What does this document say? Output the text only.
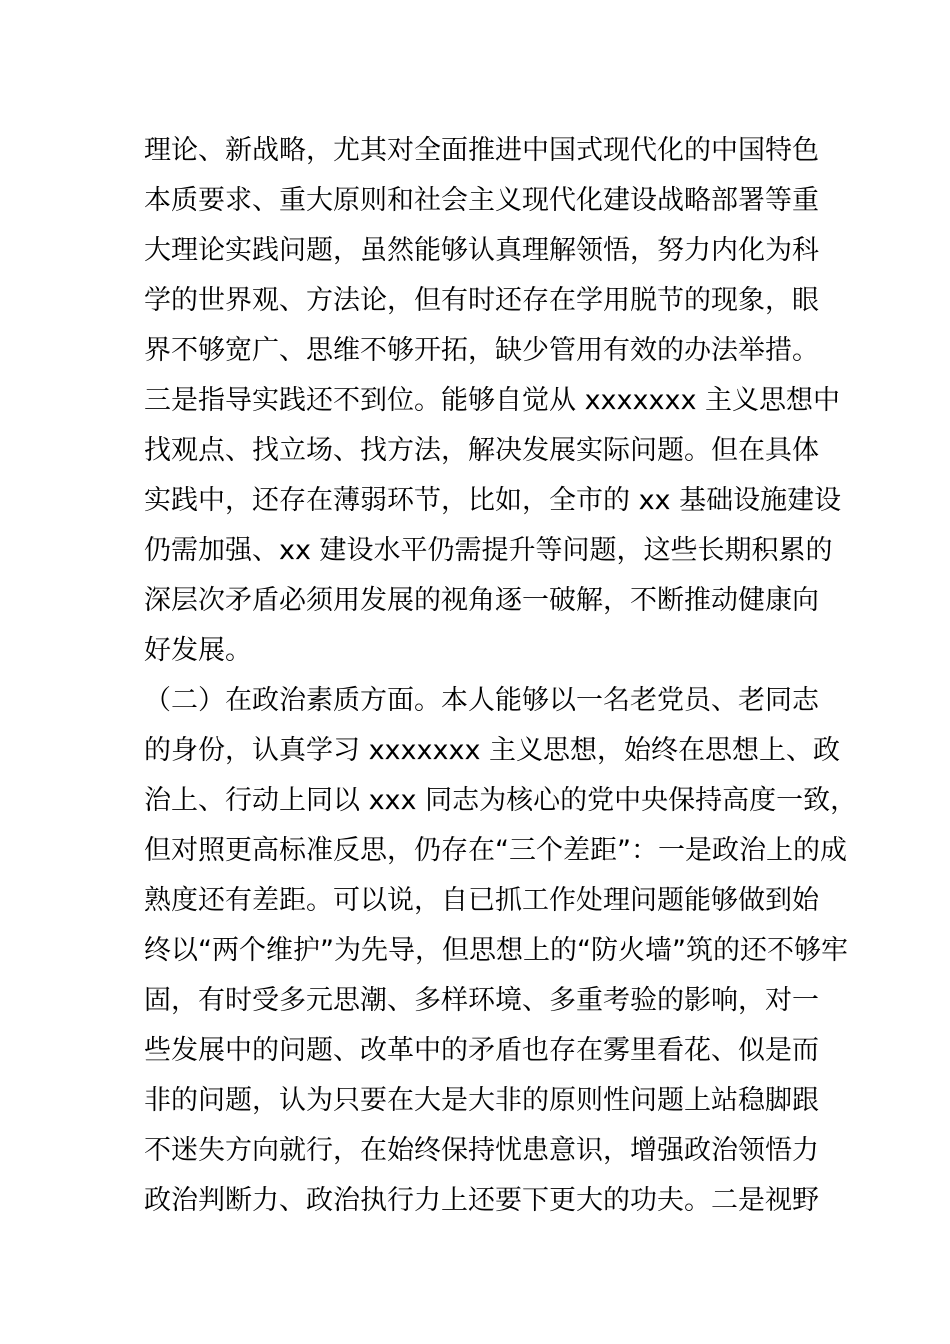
理论、新战略，尤其对全面推进中国式现代化的中国特色
本质要求、重大原则和社会主义现代化建设战略部署等重
大理论实践问题，虽然能够认真理解领悟，努力内化为科
学的世界观、方法论，但有时还存在学用脱节的现象，眼
界不够宽广、思维不够开拓，缺少管用有效的办法举措。
三是指导实践还不到位。能够自觉从 xxxxxxx 主义思想中
找观点、找立场、找方法，解决发展实际问题。但在具体
实践中，还存在薄弱环节，比如，全市的 xx 基础设施建设
仍需加强、xx 建设水平仍需提升等问题，这些长期积累的
深层次矛盾必须用发展的视角逐一破解，不断推动健康向
好发展。
（二）在政治素质方面。本人能够以一名老党员、老同志
的身份，认真学习 xxxxxxx 主义思想，始终在思想上、政
治上、行动上同以 xxx 同志为核心的党中央保持高度一致，
但对照更高标准反思，仍存在“三个差距”：一是政治上的成
熟度还有差距。可以说，自已抓工作处理问题能够做到始
终以“两个维护”为先导，但思想上的“防火墙”筑的还不够牢
固，有时受多元思潮、多样环境、多重考验的影响，对一
些发展中的问题、改革中的矛盾也存在雾里看花、似是而
非的问题，认为只要在大是大非的原则性问题上站稳脚跟
不迷失方向就行，在始终保持忧患意识，增强政治领悟力
政治判断力、政治执行力上还要下更大的功夫。二是视野
